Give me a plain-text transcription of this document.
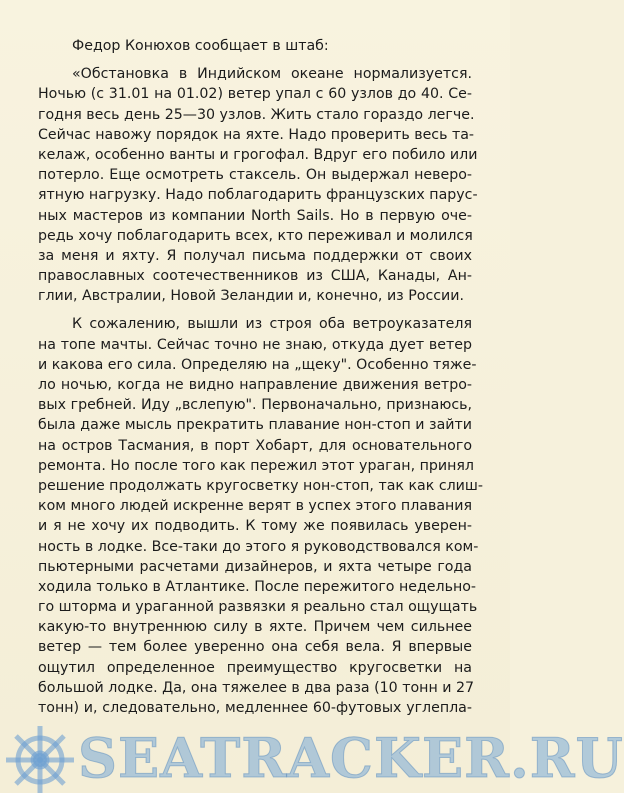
Федор Конюхов сообщает в штаб:

«Обстановка в Индийском океане нормализуется.
Ночью (с 31.01 на 01.02) ветер упал с 60 узлов до 40. Се-
годня весь день 25—30 узлов. Жить стало гораздо легче.
Сейчас навожу порядок на яхте. Надо проверить весь та-
келаж, особенно ванты и грогофал. Вдруг его побило или
потерло. Еще осмотреть стаксель. Он выдержал неверо-
ятную нагрузку. Надо поблагодарить французских парус-
ных мастеров из компании North Sails. Но в первую оче-
редь хочу поблагодарить всех, кто переживал и молился
за меня и яхту. Я получал письма поддержки от своих
православных соотечественников из США, Канады, Ан-
глии, Австралии, Новой Зеландии и, конечно, из России.

К сожалению, вышли из строя оба ветроуказателя
на топе мачты. Сейчас точно не знаю, откуда дует ветер
и какова его сила. Определяю на „щеку". Особенно тяже-
ло ночью, когда не видно направление движения ветро-
вых гребней. Иду „вслепую". Первоначально, признаюсь,
была даже мысль прекратить плавание нон-стоп и зайти
на остров Тасмания, в порт Хобарт, для основательного
ремонта. Но после того как пережил этот ураган, принял
решение продолжать кругосветку нон-стоп, так как слиш-
ком много людей искренне верят в успех этого плавания
и я не хочу их подводить. К тому же появилась уверен-
ность в лодке. Все-таки до этого я руководствовался ком-
пьютерными расчетами дизайнеров, и яхта четыре года
ходила только в Атлантике. После пережитого недельно-
го шторма и ураганной развязки я реально стал ощущать
какую-то внутреннюю силу в яхте. Причем чем сильнее
ветер — тем более уверенно она себя вела. Я впервые
ощутил определенное преимущество кругосветки на
большой лодке. Да, она тяжелее в два раза (10 тонн и 27
тонн) и, следовательно, медленнее 60-футовых углепла-

SEATRACKER.RU
